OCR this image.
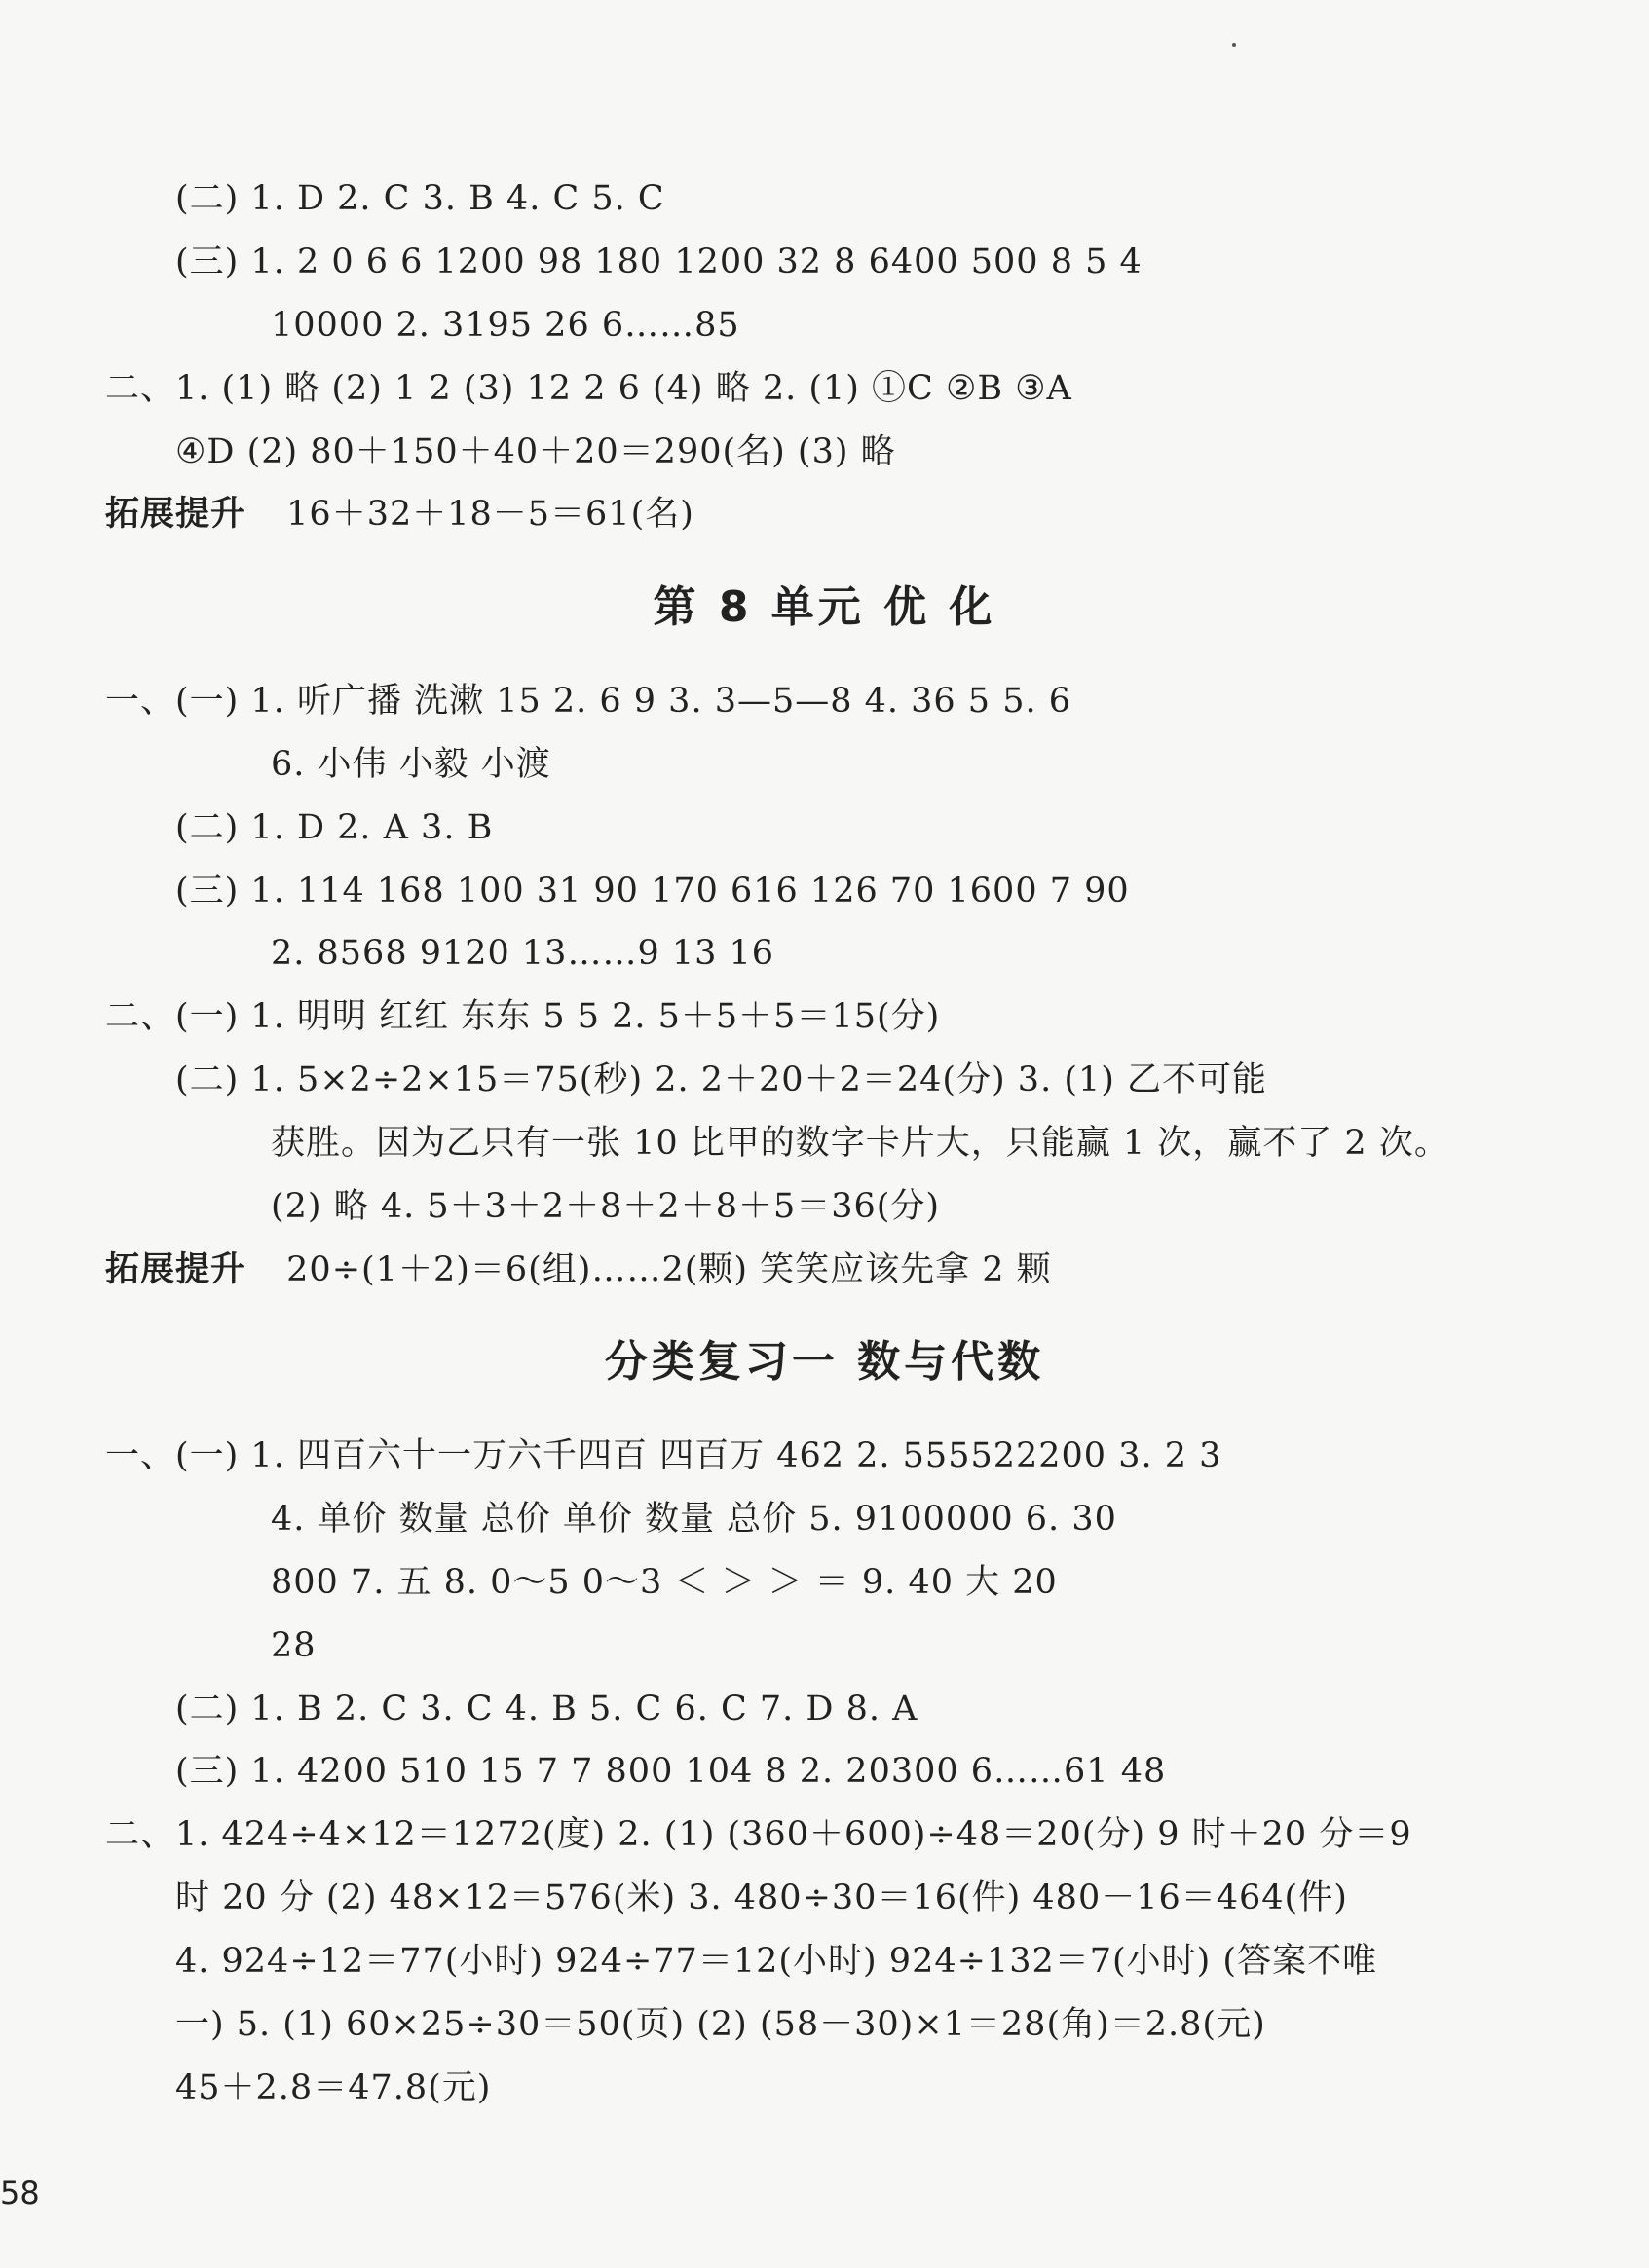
(二) 1. D 2. C 3. B 4. C 5. C
(三) 1. 2 0 6 6 1200 98 180 1200 32 8 6400 500 8 5 4
10000 2. 3195 26 6……85
二、1. (1) 略 (2) 1 2 (3) 12 2 6 (4) 略 2. (1) ①C ②B ③A
④D (2) 80＋150＋40＋20＝290(名) (3) 略
拓展提升 16＋32＋18－5＝61(名)
第 8 单元 优 化
一、(一) 1. 听广播 洗漱 15 2. 6 9 3. 3—5—8 4. 36 5 5. 6
6. 小伟 小毅 小渡
(二) 1. D 2. A 3. B
(三) 1. 114 168 100 31 90 170 616 126 70 1600 7 90
2. 8568 9120 13……9 13 16
二、(一) 1. 明明 红红 东东 5 5 2. 5＋5＋5＝15(分)
(二) 1. 5×2÷2×15＝75(秒) 2. 2＋20＋2＝24(分) 3. (1) 乙不可能
获胜。因为乙只有一张 10 比甲的数字卡片大，只能赢 1 次，赢不了 2 次。
(2) 略 4. 5＋3＋2＋8＋2＋8＋5＝36(分)
拓展提升 20÷(1＋2)＝6(组)……2(颗) 笑笑应该先拿 2 颗
分类复习一 数与代数
一、(一) 1. 四百六十一万六千四百 四百万 462 2. 555522200 3. 2 3
4. 单价 数量 总价 单价 数量 总价 5. 9100000 6. 30
800 7. 五 8. 0～5 0～3 ＜ ＞ ＞ ＝ 9. 40 大 20
28
(二) 1. B 2. C 3. C 4. B 5. C 6. C 7. D 8. A
(三) 1. 4200 510 15 7 7 800 104 8 2. 20300 6……61 48
二、1. 424÷4×12＝1272(度) 2. (1) (360＋600)÷48＝20(分) 9 时＋20 分＝9
时 20 分 (2) 48×12＝576(米) 3. 480÷30＝16(件) 480－16＝464(件)
4. 924÷12＝77(小时) 924÷77＝12(小时) 924÷132＝7(小时) (答案不唯
一) 5. (1) 60×25÷30＝50(页) (2) (58－30)×1＝28(角)＝2.8(元)
45＋2.8＝47.8(元)
58
